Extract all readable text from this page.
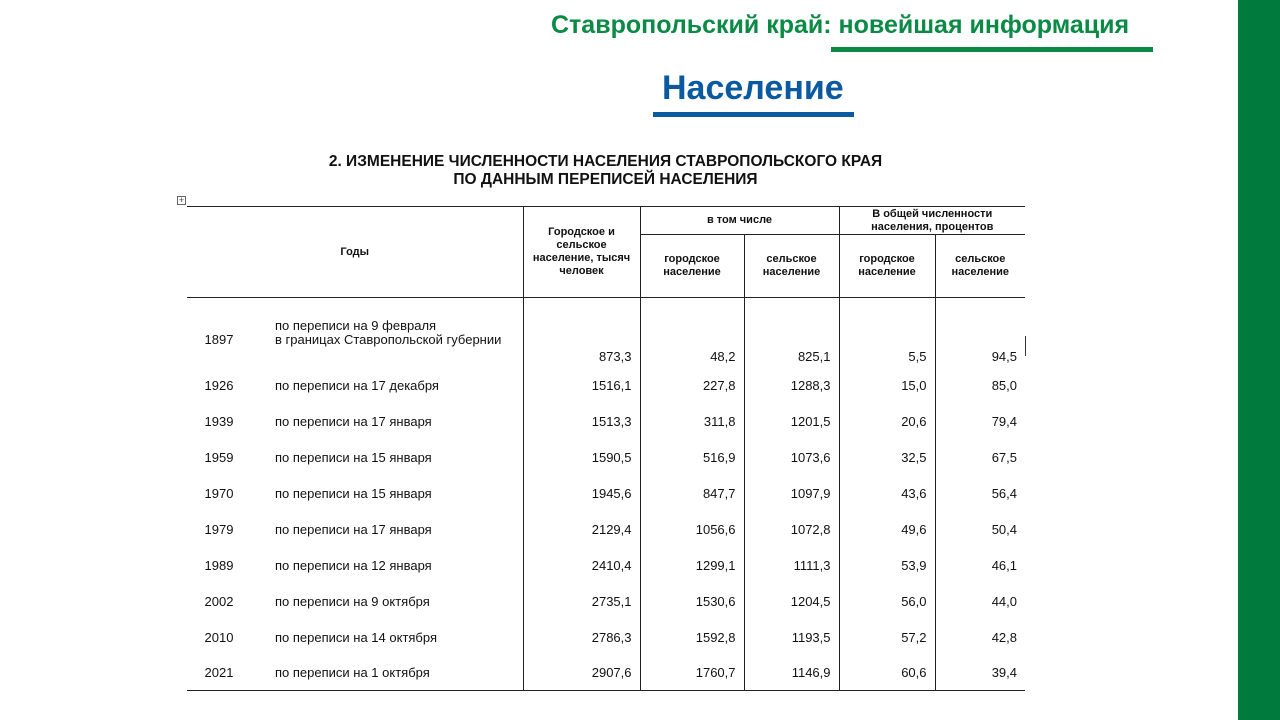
Ставропольский край: новейшая информация
Население
2. ИЗМЕНЕНИЕ ЧИСЛЕННОСТИ НАСЕЛЕНИЯ СТАВРОПОЛЬСКОГО КРАЯ
ПО ДАННЫМ ПЕРЕПИСЕЙ НАСЕЛЕНИЯ
+
Годы	Городское и сельское население, тысяч человек	в том числе		В общей численности населения, процентов	
		городское население	сельское население	городское население	сельское население

1897
по переписи на 9 февраля
в границах Ставропольской губернии	873,3	48,2	825,1	5,5	94,5

1926 по переписи на 17 декабря	1516,1	227,8	1288,3	15,0	85,0

1939 по переписи на 17 января	1513,3	311,8	1201,5	20,6	79,4

1959 по переписи на 15 января	1590,5	516,9	1073,6	32,5	67,5

1970 по переписи на 15 января	1945,6	847,7	1097,9	43,6	56,4

1979 по переписи на 17 января	2129,4	1056,6	1072,8	49,6	50,4

1989 по переписи на 12 января	2410,4	1299,1	1111,3	53,9	46,1

2002 по переписи на 9 октября	2735,1	1530,6	1204,5	56,0	44,0

2010 по переписи на 14 октября	2786,3	1592,8	1193,5	57,2	42,8

2021 по переписи на 1 октября	2907,6	1760,7	1146,9	60,6	39,4
